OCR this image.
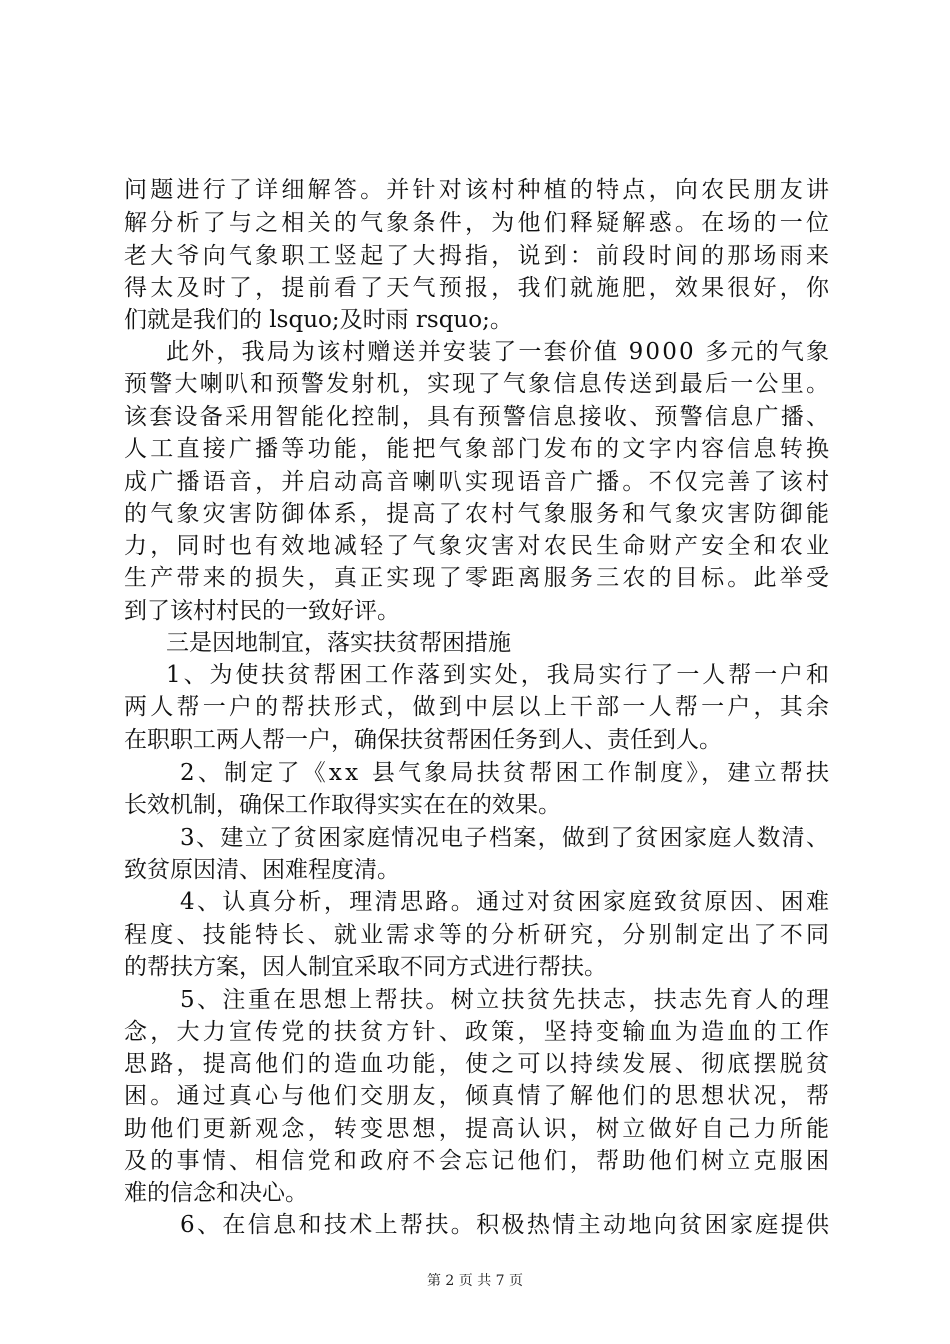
问题进行了详细解答。并针对该村种植的特点，向农民朋友讲
解分析了与之相关的气象条件，为他们释疑解惑。在场的一位
老大爷向气象职工竖起了大拇指，说到：前段时间的那场雨来
得太及时了，提前看了天气预报，我们就施肥，效果很好，你
们就是我们的 lsquo;及时雨 rsquo;。
此外，我局为该村赠送并安装了一套价值 9000 多元的气象
预警大喇叭和预警发射机，实现了气象信息传送到最后一公里。
该套设备采用智能化控制，具有预警信息接收、预警信息广播、
人工直接广播等功能，能把气象部门发布的文字内容信息转换
成广播语音，并启动高音喇叭实现语音广播。不仅完善了该村
的气象灾害防御体系，提高了农村气象服务和气象灾害防御能
力，同时也有效地减轻了气象灾害对农民生命财产安全和农业
生产带来的损失，真正实现了零距离服务三农的目标。此举受
到了该村村民的一致好评。
三是因地制宜，落实扶贫帮困措施
1、为使扶贫帮困工作落到实处，我局实行了一人帮一户和
两人帮一户的帮扶形式，做到中层以上干部一人帮一户，其余
在职职工两人帮一户，确保扶贫帮困任务到人、责任到人。
2、制定了《xx 县气象局扶贫帮困工作制度》，建立帮扶
长效机制，确保工作取得实实在在的效果。
3、建立了贫困家庭情况电子档案，做到了贫困家庭人数清、
致贫原因清、困难程度清。
4、认真分析，理清思路。通过对贫困家庭致贫原因、困难
程度、技能特长、就业需求等的分析研究，分别制定出了不同
的帮扶方案，因人制宜采取不同方式进行帮扶。
5、注重在思想上帮扶。树立扶贫先扶志，扶志先育人的理
念，大力宣传党的扶贫方针、政策，坚持变输血为造血的工作
思路，提高他们的造血功能，使之可以持续发展、彻底摆脱贫
困。通过真心与他们交朋友，倾真情了解他们的思想状况，帮
助他们更新观念，转变思想，提高认识，树立做好自己力所能
及的事情、相信党和政府不会忘记他们，帮助他们树立克服困
难的信念和决心。
6、在信息和技术上帮扶。积极热情主动地向贫困家庭提供
第 2 页 共 7 页
